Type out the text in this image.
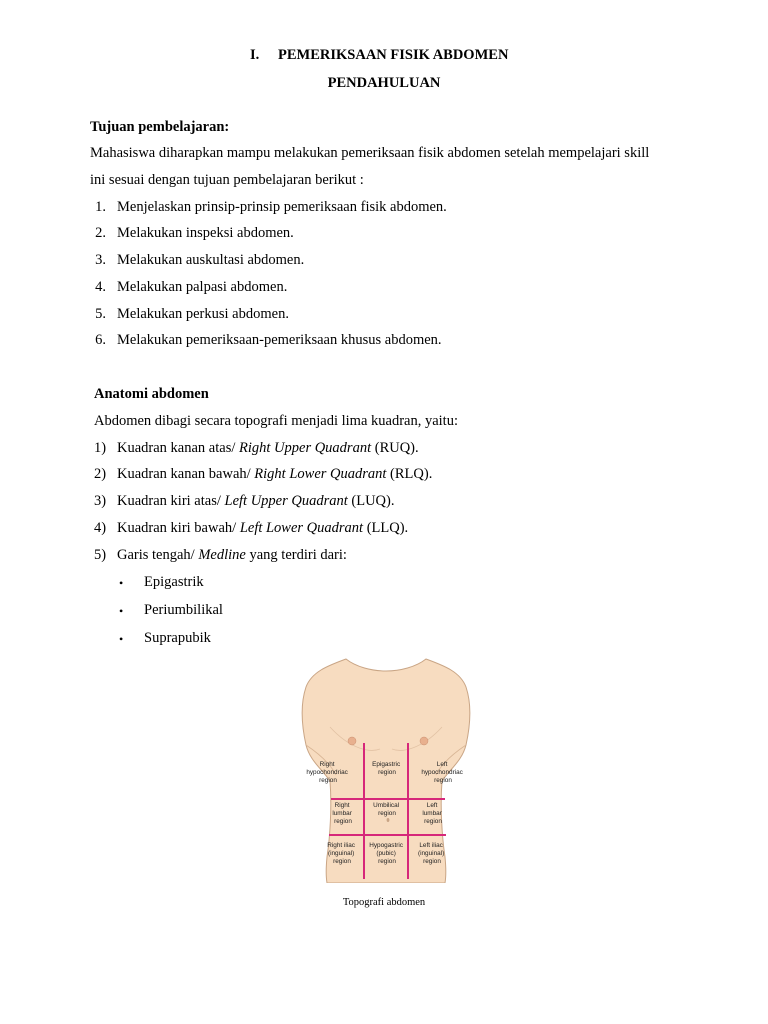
I. PEMERIKSAAN FISIK ABDOMEN
PENDAHULUAN
Tujuan pembelajaran:
Mahasiswa diharapkan mampu melakukan pemeriksaan fisik abdomen setelah mempelajari skill
ini sesuai dengan tujuan pembelajaran berikut :
1. Menjelaskan prinsip-prinsip pemeriksaan fisik abdomen.
2. Melakukan inspeksi abdomen.
3. Melakukan auskultasi abdomen.
4. Melakukan palpasi abdomen.
5. Melakukan perkusi abdomen.
6. Melakukan pemeriksaan-pemeriksaan khusus abdomen.
Anatomi abdomen
Abdomen dibagi secara topografi menjadi lima kuadran, yaitu:
1) Kuadran kanan atas/ Right Upper Quadrant (RUQ).
2) Kuadran kanan bawah/ Right Lower Quadrant (RLQ).
3) Kuadran kiri atas/ Left Upper Quadrant (LUQ).
4) Kuadran kiri bawah/ Left Lower Quadrant (LLQ).
5) Garis tengah/ Medline yang terdiri dari:
• Epigastrik
• Periumbilikal
• Suprapubik
Right hypochondriac region
Epigastric region
Left hypochondriac region
Right lumbar region
Umbilical region
Left lumbar region
Right iliac (inguinal) region
Hypogastric (pubic) region
Left iliac (inguinal) region
Topografi abdomen
